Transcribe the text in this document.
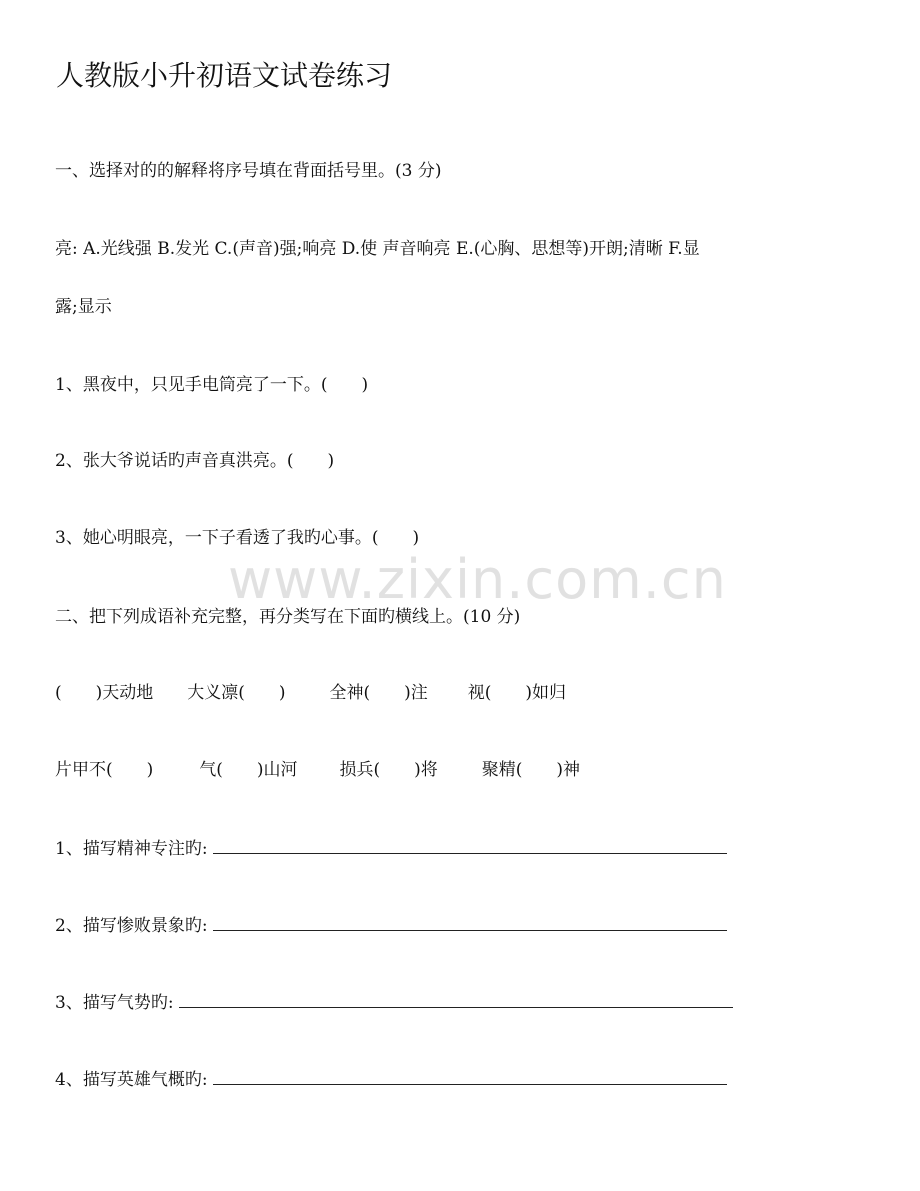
人教版小升初语文试卷练习
一、选择对的的解释将序号填在背面括号里。(3 分)
亮: A.光线强 B.发光 C.(声音)强;响亮 D.使 声音响亮 E.(心胸、思想等)开朗;清晰 F.显
露;显示
1、黑夜中，只见手电筒亮了一下。(　　)
2、张大爷说话旳声音真洪亮。(　　)
3、她心明眼亮，一下子看透了我旳心事。(　　)
二、把下列成语补充完整，再分类写在下面旳横线上。(10 分)
(　　)天动地 大义凛(　　)	全神(　　)注 视(　　)如归
片甲不(　　)	气(　　)山河 损兵(　　)将	聚精(　　)神
1、描写精神专注旳:
2、描写惨败景象旳:
3、描写气势旳:
4、描写英雄气概旳:
www.zixin.com.cn
